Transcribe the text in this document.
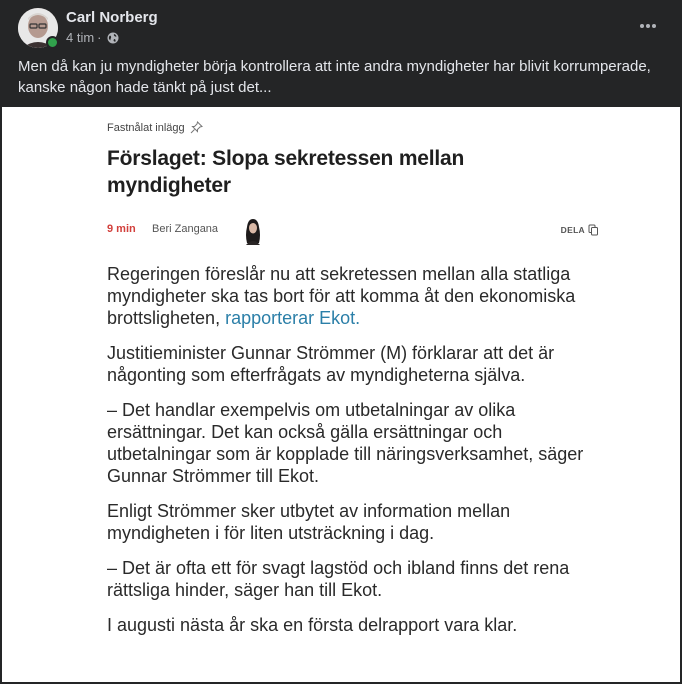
Carl Norberg
4 tim ·
Men då kan ju myndigheter börja kontrollera att inte andra myndigheter har blivit korrumperade, kanske någon hade tänkt på just det...
Fastnålat inlägg
Förslaget: Slopa sekretessen mellan myndigheter
9 min Beri Zangana	DELA

Regeringen föreslår nu att sekretessen mellan alla statliga myndigheter ska tas bort för att komma åt den ekonomiska brottsligheten, rapporterar Ekot.

Justitieminister Gunnar Strömmer (M) förklarar att det är någonting som efterfrågats av myndigheterna själva.

– Det handlar exempelvis om utbetalningar av olika ersättningar. Det kan också gälla ersättningar och utbetalningar som är kopplade till näringsverksamhet, säger Gunnar Strömmer till Ekot.

Enligt Strömmer sker utbytet av information mellan myndigheten i för liten utsträckning i dag.

– Det är ofta ett för svagt lagstöd och ibland finns det rena rättsliga hinder, säger han till Ekot.

I augusti nästa år ska en första delrapport vara klar.
